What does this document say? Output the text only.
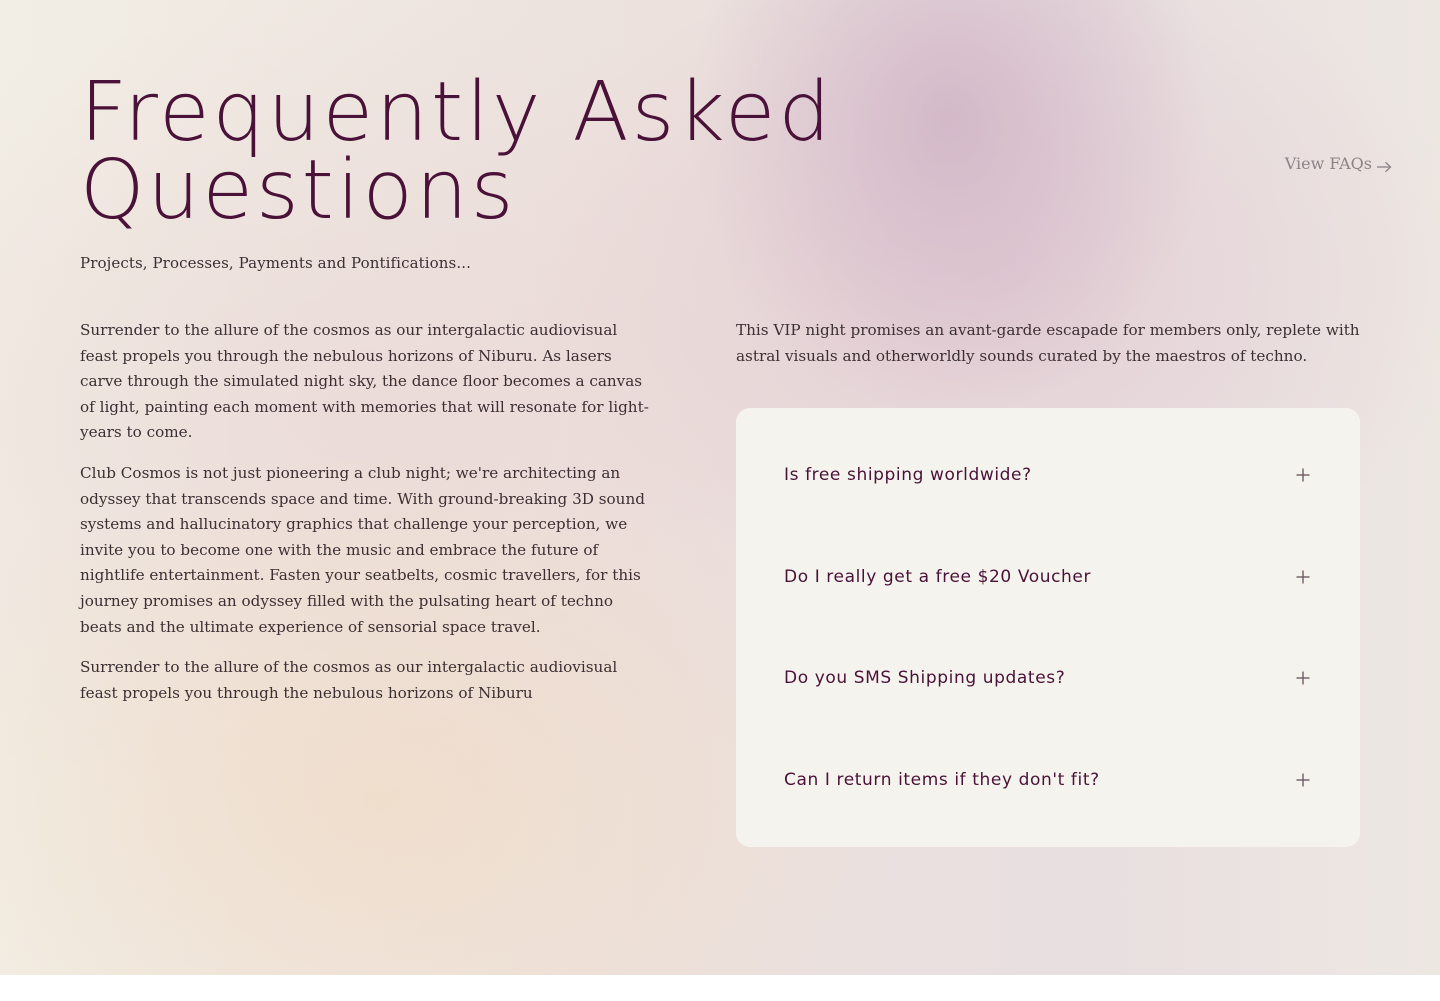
Frequently Asked
Questions	View FAQs

Projects, Processes, Payments and Pontifications...

Surrender to the allure of the cosmos as our intergalactic audiovisual feast propels you through the nebulous horizons of Niburu. As lasers carve through the simulated night sky, the dance floor becomes a canvas of light, painting each moment with memories that will resonate for light-years to come.

Club Cosmos is not just pioneering a club night; we're architecting an odyssey that transcends space and time. With ground-breaking 3D sound systems and hallucinatory graphics that challenge your perception, we invite you to become one with the music and embrace the future of nightlife entertainment. Fasten your seatbelts, cosmic travellers, for this journey promises an odyssey filled with the pulsating heart of techno beats and the ultimate experience of sensorial space travel.

Surrender to the allure of the cosmos as our intergalactic audiovisual feast propels you through the nebulous horizons of Niburu

This VIP night promises an avant-garde escapade for members only, replete with astral visuals and otherworldly sounds curated by the maestros of techno.

Is free shipping worldwide?
Do I really get a free $20 Voucher
Do you SMS Shipping updates?
Can I return items if they don't fit?
